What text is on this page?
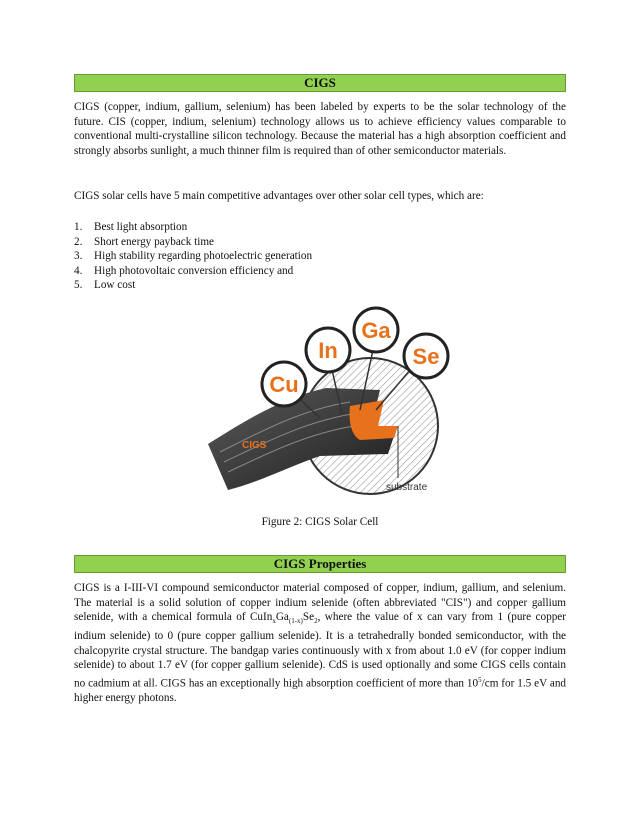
CIGS

CIGS (copper, indium, gallium, selenium) has been labeled by experts to be the solar technology of the future. CIS (copper, indium, selenium) technology allows us to achieve efficiency values comparable to conventional multi-crystalline silicon technology. Because the material has a high absorption coefficient and strongly absorbs sunlight, a much thinner film is required than of other semiconductor materials.

CIGS solar cells have 5 main competitive advantages over other solar cell types, which are:

1.	Best light absorption
2.	Short energy payback time
3.	High stability regarding photoelectric generation
4.	High photovoltaic conversion efficiency and
5.	Low cost
CIGS
substrate
Cu
In
Ga
Se
Figure 2: CIGS Solar Cell
CIGS Properties

CIGS is a I-III-VI compound semiconductor material composed of copper, indium, gallium, and selenium. The material is a solid solution of copper indium selenide (often abbreviated "CIS") and copper gallium selenide, with a chemical formula of $CuIn_xGa_{(1-x)}Se_2$, where the value of x can vary from 1 (pure copper indium selenide) to 0 (pure copper gallium selenide). It is a tetrahedrally bonded semiconductor, with the chalcopyrite crystal structure. The bandgap varies continuously with x from about 1.0 eV (for copper indium selenide) to about 1.7 eV (for copper gallium selenide). CdS is used optionally and some CIGS cells contain no cadmium at all. CIGS has an exceptionally high absorption coefficient of more than $10^5/cm$ for 1.5 eV and higher energy photons.
